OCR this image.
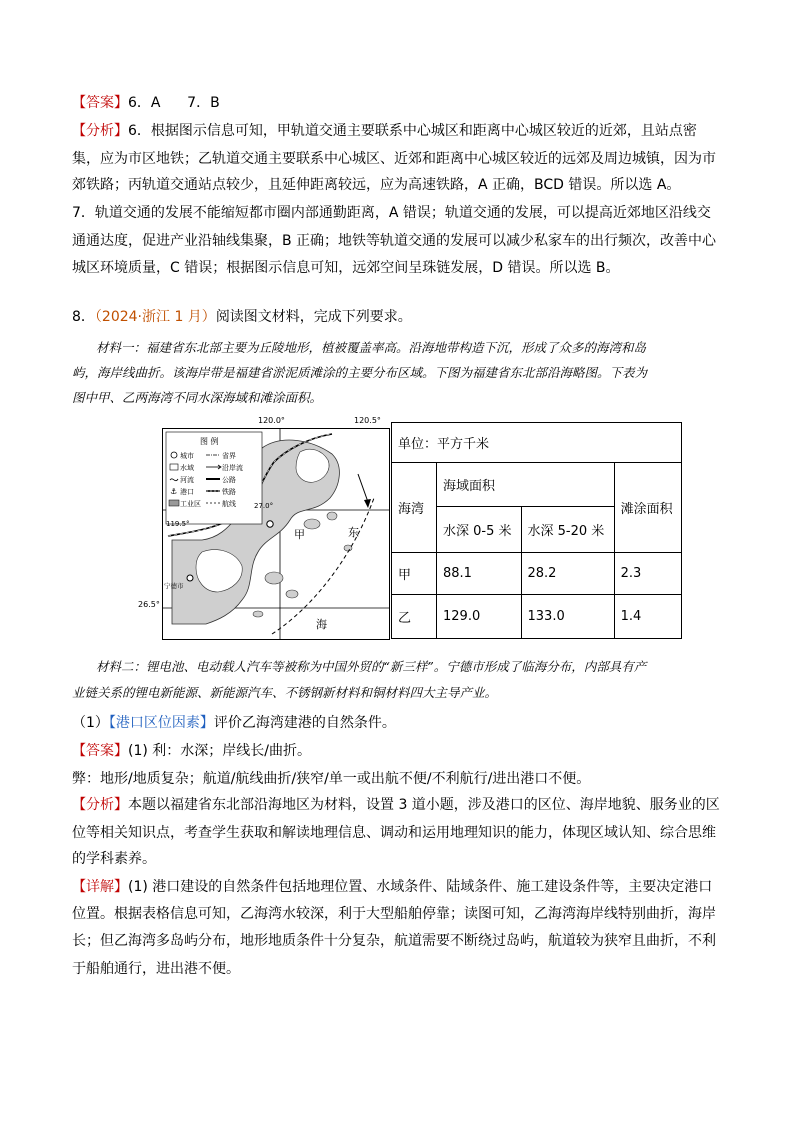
【答案】6．A      7．B
【分析】6．根据图示信息可知，甲轨道交通主要联系中心城区和距离中心城区较近的近郊，且站点密
集，应为市区地铁；乙轨道交通主要联系中心城区、近郊和距离中心城区较近的远郊及周边城镇，因为市
郊铁路；丙轨道交通站点较少，且延伸距离较远，应为高速铁路，A 正确，BCD 错误。所以选 A。
7．轨道交通的发展不能缩短都市圈内部通勤距离，A 错误；轨道交通的发展，可以提高近郊地区沿线交
通通达度，促进产业沿轴线集聚，B 正确；地铁等轨道交通的发展可以减少私家车的出行频次，改善中心
城区环境质量，C 错误；根据图示信息可知，远郊空间呈珠链发展，D 错误。所以选 B。
8．（2024·浙江 1 月）阅读图文材料，完成下列要求。
材料一：福建省东北部主要为丘陵地形，植被覆盖率高。沿海地带构造下沉，形成了众多的海湾和岛
屿，海岸线曲折。该海岸带是福建省淤泥质滩涂的主要分布区域。下图为福建省东北部沿海略图。下表为
图中甲、乙两海湾不同水深海域和滩涂面积。
图 例
城市	省界
水域	沿岸流
河流	公路
⚓ 港口	铁路
工业区	航线
甲	东
海
宁德市
119.5°
27.0°
120.0°	120.5°
26.5°
单位：平方千米			
海湾	海域面积		滩涂面积
	水深 0-5 米	水深 5-20 米	
甲	88.1	28.2	2.3
乙	129.0	133.0	1.4
材料二：锂电池、电动载人汽车等被称为中国外贸的“新三样”。宁德市形成了临海分布，内部具有产
业链关系的锂电新能源、新能源汽车、不锈钢新材料和铜材料四大主导产业。
（1）【港口区位因素】评价乙海湾建港的自然条件。
【答案】(1) 利：水深；岸线长/曲折。
弊：地形/地质复杂；航道/航线曲折/狭窄/单一或出航不便/不利航行/进出港口不便。
【分析】本题以福建省东北部沿海地区为材料，设置 3 道小题，涉及港口的区位、海岸地貌、服务业的区
位等相关知识点，考查学生获取和解读地理信息、调动和运用地理知识的能力，体现区域认知、综合思维
的学科素养。
【详解】(1) 港口建设的自然条件包括地理位置、水域条件、陆域条件、施工建设条件等，主要决定港口
位置。根据表格信息可知，乙海湾水较深，利于大型船舶停靠；读图可知，乙海湾海岸线特别曲折，海岸
长；但乙海湾多岛屿分布，地形地质条件十分复杂，航道需要不断绕过岛屿，航道较为狭窄且曲折，不利
于船舶通行，进出港不便。
